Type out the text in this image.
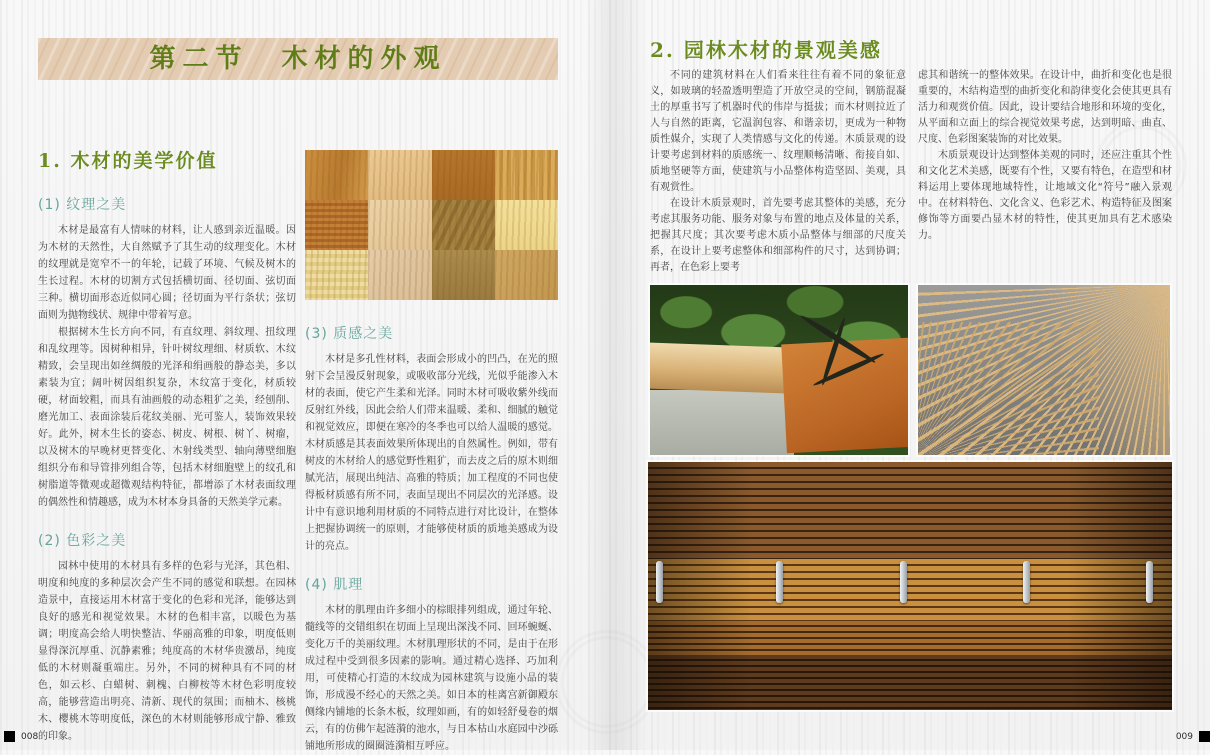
第二节　木材的外观
1. 木材的美学价值
(1) 纹理之美

木材是最富有人情味的材料，让人感到亲近温暖。因为木材的天然性，大自然赋予了其生动的纹理变化。木材的纹理就是宽窄不一的年轮，记载了环境、气候及树木的生长过程。木材的切割方式包括横切面、径切面、弦切面三种。横切面形态近似同心圆；径切面为平行条状；弦切面则为抛物线状、规律中带着写意。

根据树木生长方向不同，有直纹理、斜纹理、扭纹理和乱纹理等。因树种相异，针叶树纹理细、材质软、木纹精致，会呈现出如丝绸般的光泽和绢画般的静态美，多以素装为宜；阔叶树因组织复杂，木纹富于变化，材质较硬，材面较粗，而具有油画般的动态粗犷之美，经刨削、磨光加工、表面涂装后花纹美丽、光可鉴人，装饰效果较好。此外，树木生长的姿态、树皮、树根、树丫、树瘤，以及树木的早晚材更替变化、木射线类型、轴向薄壁细胞组织分布和导管排列组合等，包括木材细胞壁上的纹孔和树脂道等微观或超微观结构特征，都增添了木材表面纹理的偶然性和情趣感，成为木材本身具备的天然美学元素。

(2) 色彩之美

园林中使用的木材具有多样的色彩与光泽，其色相、明度和纯度的多种层次会产生不同的感觉和联想。在园林造景中，直接运用木材富于变化的色彩和光泽，能够达到良好的感光和视觉效果。木材的色相丰富，以暖色为基调；明度高会给人明快整洁、华丽高雅的印象，明度低则显得深沉厚重、沉静素雅；纯度高的木材华贵激昂，纯度低的木材则凝重端庄。另外，不同的树种具有不同的材色，如云杉、白蜡树、刺槐、白柳桉等木材色彩明度较高，能够营造出明亮、清新、现代的氛围；而柚木、核桃木、樱桃木等明度低，深色的木材则能够形成宁静、雅致的印象。

(3) 质感之美

木材是多孔性材料，表面会形成小的凹凸，在光的照射下会呈漫反射现象，或吸收部分光线，光似乎能渗入木材的表面，使它产生柔和光泽。同时木材可吸收紫外线而反射红外线，因此会给人们带来温暖、柔和、细腻的触觉和视觉效应，即便在寒冷的冬季也可以给人温暖的感觉。木材质感是其表面效果所体现出的自然属性。例如，带有树皮的木材给人的感觉野性粗犷，而去皮之后的原木则细腻光洁，展现出纯洁、高雅的特质；加工程度的不同也使得板材质感有所不同，表面呈现出不同层次的光泽感。设计中有意识地利用材质的不同特点进行对比设计，在整体上把握协调统一的原则，才能够使材质的质地美感成为设计的亮点。

(4) 肌理

木材的肌理由许多细小的棕眼排列组成，通过年轮、髓线等的交错组织在切面上呈现出深浅不同、回环蜿蜒、变化万千的美丽纹理。木材肌理形状的不同，是由于在形成过程中受到很多因素的影响。通过精心选择、巧加利用，可使精心打造的木纹成为园林建筑与设施小品的装饰，形成漫不经心的天然之美。如日本的桂离宫新御殿东侧缘内铺地的长条木板，纹理如画，有的如轻舒曼卷的烟云，有的仿佛乍起涟漪的池水，与日本枯山水庭园中沙砾铺地所形成的圈圈涟漪相互呼应。

008
2. 园林木材的景观美感

不同的建筑材料在人们看来往往有着不同的象征意义，如玻璃的轻盈透明塑造了开放空灵的空间，钢筋混凝土的厚重书写了机器时代的伟岸与挺拔；而木材则拉近了人与自然的距离，它温润包容、和谐亲切，更成为一种物质性媒介，实现了人类情感与文化的传递。木质景观的设计要考虑到材料的质感统一、纹理顺畅清晰、衔接自如、质地坚硬等方面，使建筑与小品整体构造坚固、美观，具有观赏性。

在设计木质景观时，首先要考虑其整体的美感，充分考虑其服务功能、服务对象与布置的地点及体量的关系，把握其尺度；其次要考虑木质小品整体与细部的尺度关系，在设计上要考虑整体和细部构件的尺寸，达到协调；再者，在色彩上要考

虑其和谐统一的整体效果。在设计中，曲折和变化也是很重要的，木结构造型的曲折变化和韵律变化会使其更具有活力和观赏价值。因此，设计要结合地形和环境的变化，从平面和立面上的综合视觉效果考虑，达到明暗、曲直、尺度、色彩图案装饰的对比效果。

木质景观设计达到整体美观的同时，还应注重其个性和文化艺术美感，既要有个性，又要有特色，在造型和材料运用上要体现地域特性，让地域文化“符号”融入景观中。在材料特色、文化含义、色彩艺术、构造特征及图案修饰等方面要凸显木材的特性，使其更加具有艺术感染力。

009
